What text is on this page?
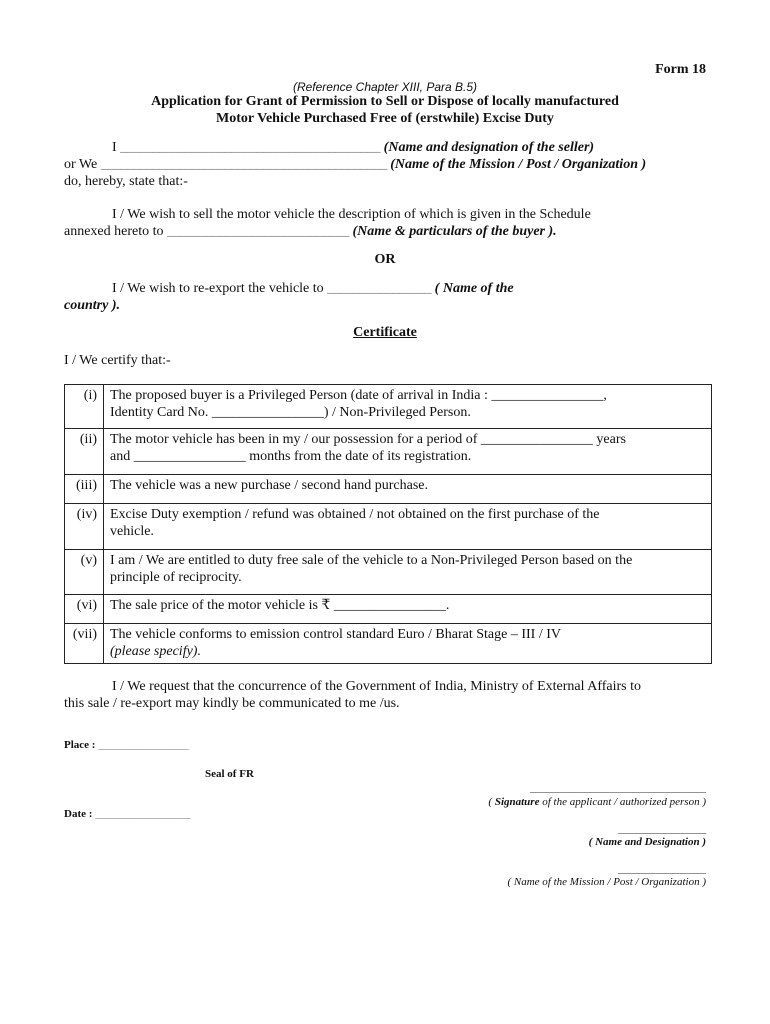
Form 18
(Reference Chapter XIII, Para B.5)
Application for Grant of Permission to Sell or Dispose of locally manufactured
Motor Vehicle Purchased Free of (erstwhile) Excise Duty
I ________________________________________ (Name and designation of the seller)
or We ____________________________________________ (Name of the Mission / Post / Organization )
do, hereby, state that:-
I / We wish to sell the motor vehicle the description of which is given in the Schedule
annexed hereto to ____________________________ (Name & particulars of the buyer ).
OR
I / We wish to re-export the vehicle to ________________ ( Name of the
country ).
Certificate
I / We certify that:-
(i)	The proposed buyer is a Privileged Person (date of arrival in India : ________________,
Identity Card No. ________________) / Non-Privileged Person.

(ii)	The motor vehicle has been in my / our possession for a period of ________________ years
and ________________ months from the date of its registration.

(iii)	The vehicle was a new purchase / second hand purchase.

(iv)	Excise Duty exemption / refund was obtained / not obtained on the first purchase of the
vehicle.

(v)	I am / We are entitled to duty free sale of the vehicle to a Non-Privileged Person based on the
principle of reciprocity.

(vi)	The sale price of the motor vehicle is ₹ ________________.

(vii)	The vehicle conforms to emission control standard Euro / Bharat Stage – III / IV
(please specify).
I / We request that the concurrence of the Government of India, Ministry of External Affairs to
this sale / re-export may kindly be communicated to me /us.
Place : __________________
Seal of FR
________________________________
( Signature of the applicant / authorized person )
Date : ___________________
________________
( Name and Designation )
________________
( Name of the Mission / Post / Organization )
